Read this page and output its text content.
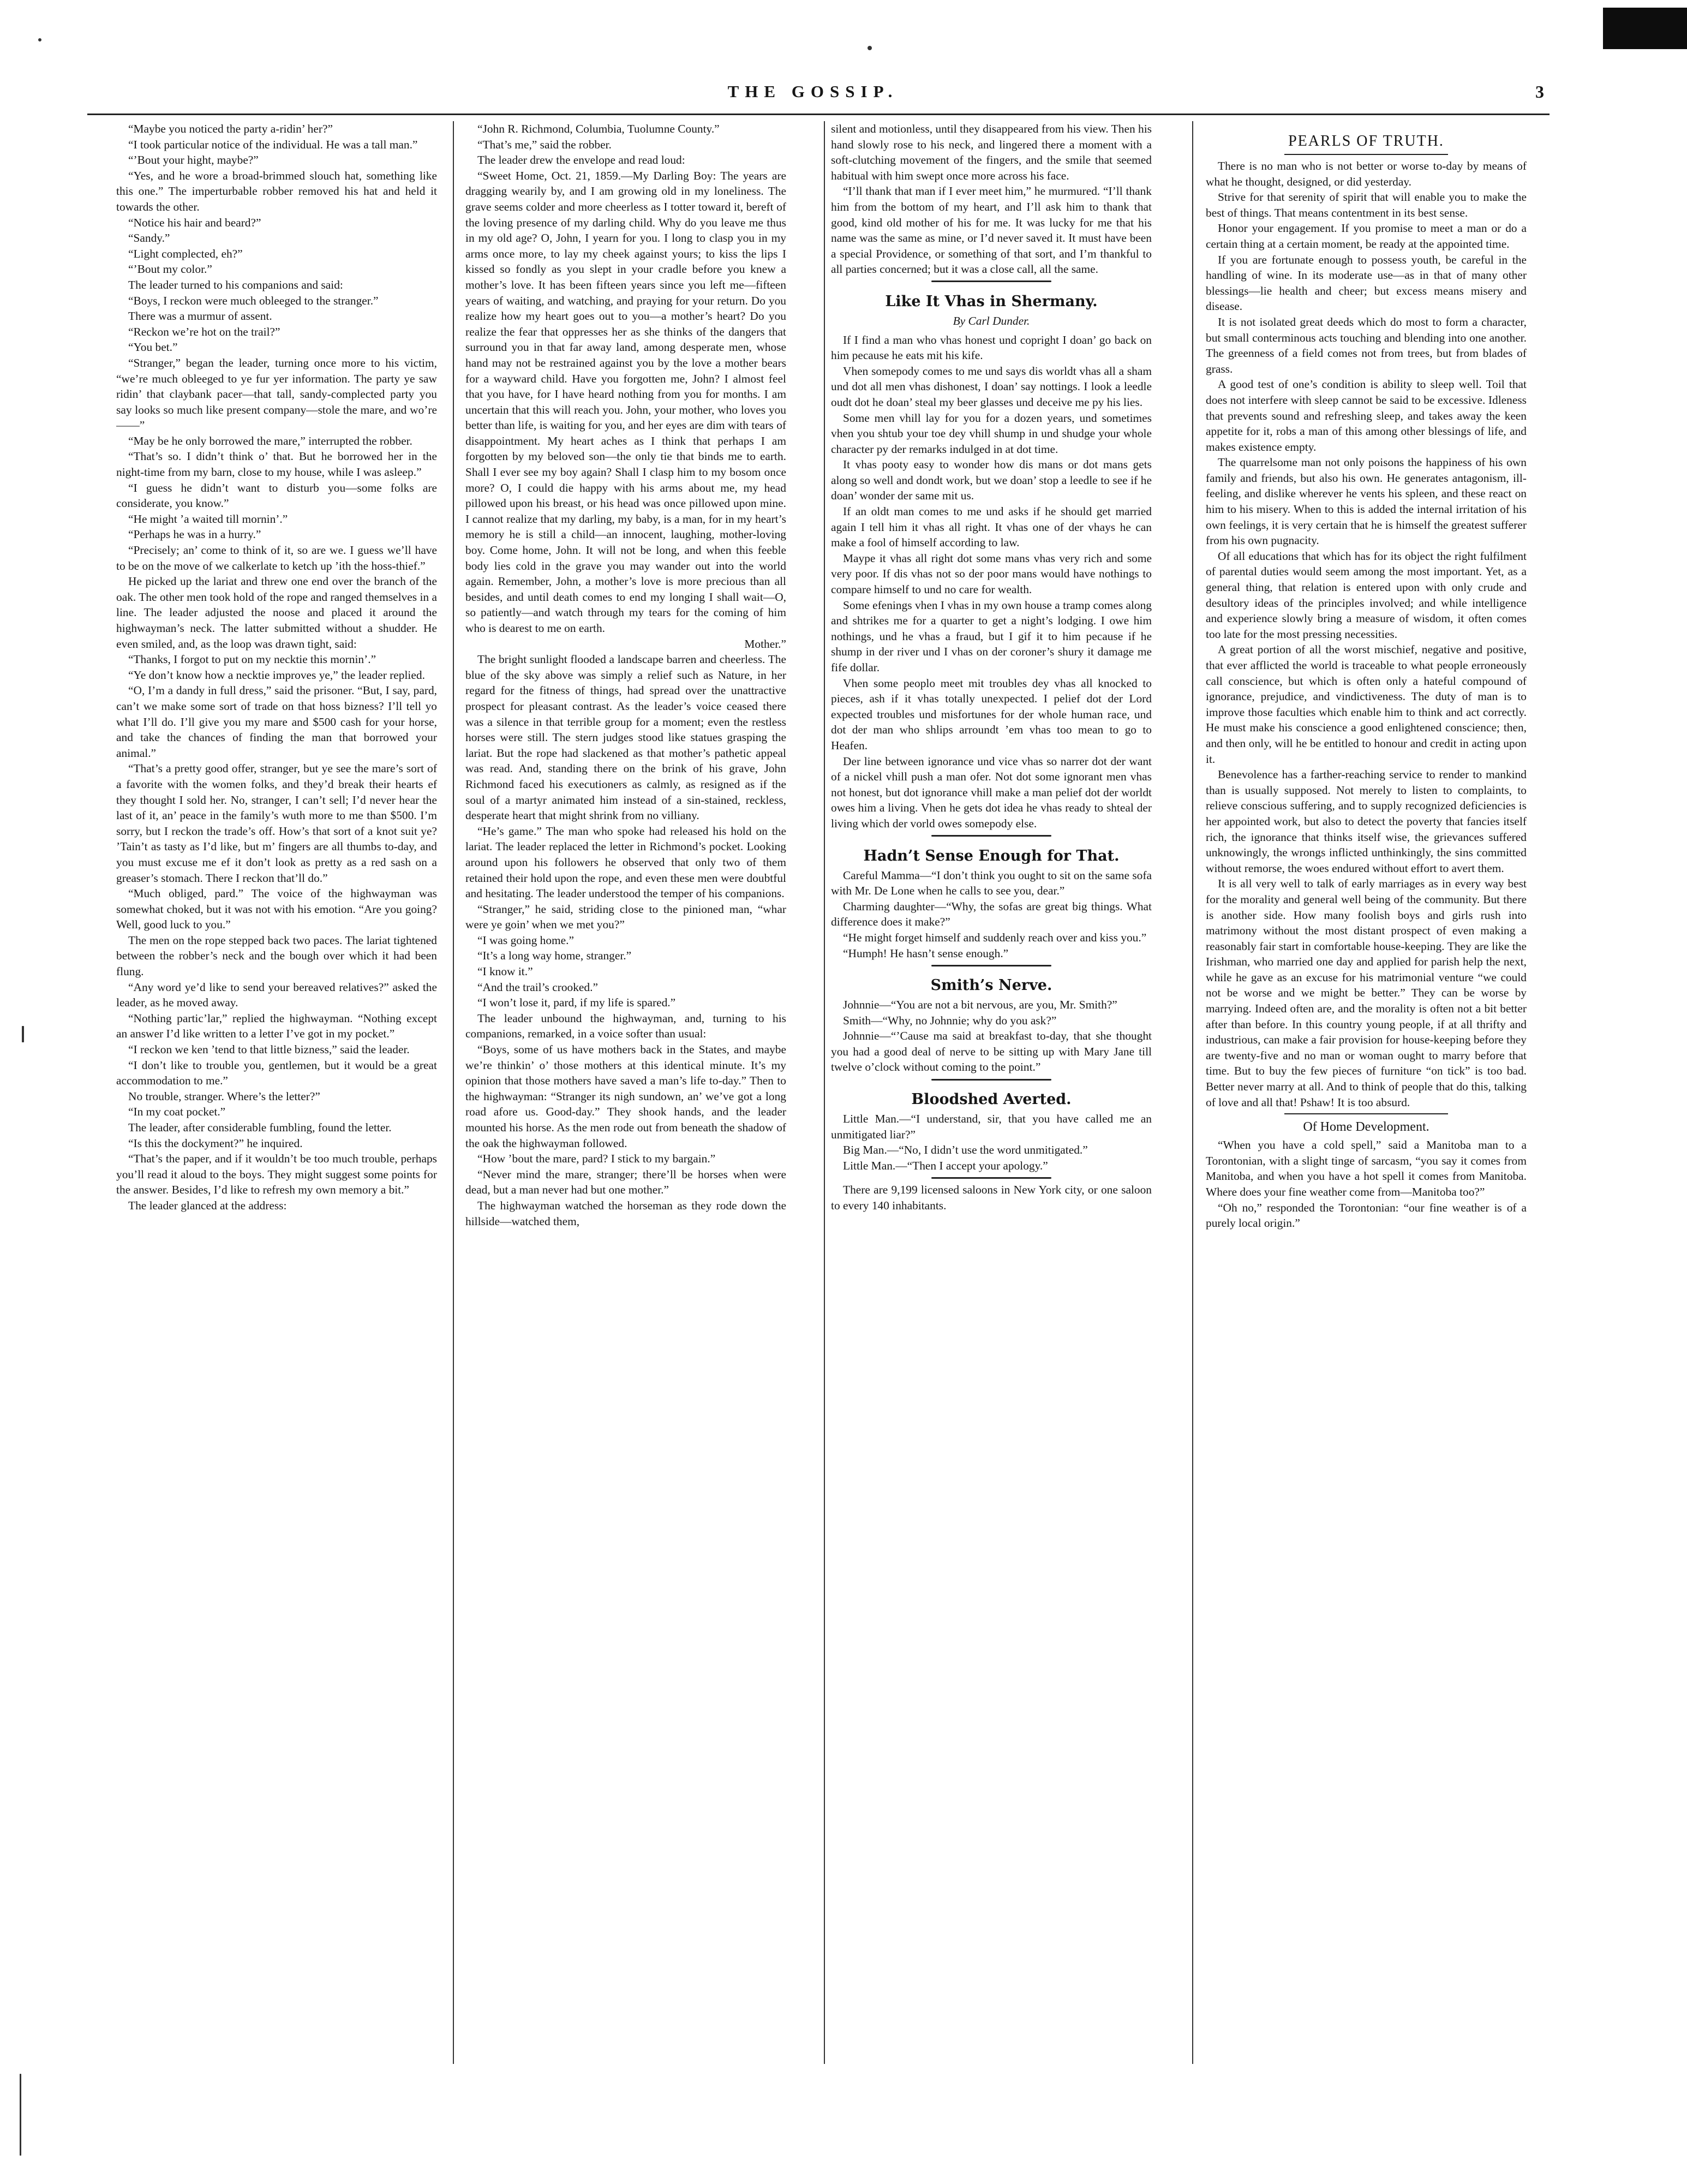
THE GOSSIP.	3

“Maybe you noticed the party a-ridin’ her?”

“I took particular notice of the individual. He was a tall man.”

“’Bout your hight, maybe?”

“Yes, and he wore a broad-brimmed slouch hat, something like this one.” The imperturbable robber removed his hat and held it towards the other.

“Notice his hair and beard?”

“Sandy.”

“Light complected, eh?”

“’Bout my color.”

The leader turned to his companions and said:

“Boys, I reckon were much obleeged to the stranger.”

There was a murmur of assent.

“Reckon we’re hot on the trail?”

“You bet.”

“Stranger,” began the leader, turning once more to his victim, “we’re much obleeged to ye fur yer information. The party ye saw ridin’ that claybank pacer—that tall, sandy-complected party you say looks so much like present company—stole the mare, and wo’re——”

“May be he only borrowed the mare,” interrupted the robber.

“That’s so. I didn’t think o’ that. But he borrowed her in the night-time from my barn, close to my house, while I was asleep.”

“I guess he didn’t want to disturb you—some folks are considerate, you know.”

“He might ’a waited till mornin’.”

“Perhaps he was in a hurry.”

“Precisely; an’ come to think of it, so are we. I guess we’ll have to be on the move of we calkerlate to ketch up ’ith the hoss-thief.”

He picked up the lariat and threw one end over the branch of the oak. The other men took hold of the rope and ranged themselves in a line. The leader adjusted the noose and placed it around the highwayman’s neck. The latter submitted without a shudder. He even smiled, and, as the loop was drawn tight, said:

“Thanks, I forgot to put on my necktie this mornin’.”

“Ye don’t know how a necktie improves ye,” the leader replied.

“O, I’m a dandy in full dress,” said the prisoner. “But, I say, pard, can’t we make some sort of trade on that hoss bizness? I’ll tell yo what I’ll do. I’ll give you my mare and $500 cash for your horse, and take the chances of finding the man that borrowed your animal.”

“That’s a pretty good offer, stranger, but ye see the mare’s sort of a favorite with the women folks, and they’d break their hearts ef they thought I sold her. No, stranger, I can’t sell; I’d never hear the last of it, an’ peace in the family’s wuth more to me than $500. I’m sorry, but I reckon the trade’s off. How’s that sort of a knot suit ye? ’Tain’t as tasty as I’d like, but m’ fingers are all thumbs to-day, and you must excuse me ef it don’t look as pretty as a red sash on a greaser’s stomach. There I reckon that’ll do.”

“Much obliged, pard.” The voice of the highwayman was somewhat choked, but it was not with his emotion. “Are you going? Well, good luck to you.”

The men on the rope stepped back two paces. The lariat tightened between the robber’s neck and the bough over which it had been flung.

“Any word ye’d like to send your bereaved relatives?” asked the leader, as he moved away.

“Nothing partic’lar,” replied the highwayman. “Nothing except an answer I’d like written to a letter I’ve got in my pocket.”

“I reckon we ken ’tend to that little bizness,” said the leader.

“I don’t like to trouble you, gentlemen, but it would be a great accommodation to me.”

No trouble, stranger. Where’s the letter?”

“In my coat pocket.”

The leader, after considerable fumbling, found the letter.

“Is this the dockyment?” he inquired.

“That’s the paper, and if it wouldn’t be too much trouble, perhaps you’ll read it aloud to the boys. They might suggest some points for the answer. Besides, I’d like to refresh my own memory a bit.”

The leader glanced at the address:

“John R. Richmond, Columbia, Tuolumne County.”

“That’s me,” said the robber.

The leader drew the envelope and read loud:

“Sweet Home, Oct. 21, 1859.—My Darling Boy: The years are dragging wearily by, and I am growing old in my loneliness. The grave seems colder and more cheerless as I totter toward it, bereft of the loving presence of my darling child. Why do you leave me thus in my old age? O, John, I yearn for you. I long to clasp you in my arms once more, to lay my cheek against yours; to kiss the lips I kissed so fondly as you slept in your cradle before you knew a mother’s love. It has been fifteen years since you left me—fifteen years of waiting, and watching, and praying for your return. Do you realize how my heart goes out to you—a mother’s heart? Do you realize the fear that oppresses her as she thinks of the dangers that surround you in that far away land, among desperate men, whose hand may not be restrained against you by the love a mother bears for a wayward child. Have you forgotten me, John? I almost feel that you have, for I have heard nothing from you for months. I am uncertain that this will reach you. John, your mother, who loves you better than life, is waiting for you, and her eyes are dim with tears of disappointment. My heart aches as I think that perhaps I am forgotten by my beloved son—the only tie that binds me to earth. Shall I ever see my boy again? Shall I clasp him to my bosom once more? O, I could die happy with his arms about me, my head pillowed upon his breast, or his head was once pillowed upon mine. I cannot realize that my darling, my baby, is a man, for in my heart’s memory he is still a child—an innocent, laughing, mother-loving boy. Come home, John. It will not be long, and when this feeble body lies cold in the grave you may wander out into the world again. Remember, John, a mother’s love is more precious than all besides, and until death comes to end my longing I shall wait—O, so patiently—and watch through my tears for the coming of him who is dearest to me on earth.

Mother.”

The bright sunlight flooded a landscape barren and cheerless. The blue of the sky above was simply a relief such as Nature, in her regard for the fitness of things, had spread over the unattractive prospect for pleasant contrast. As the leader’s voice ceased there was a silence in that terrible group for a moment; even the restless horses were still. The stern judges stood like statues grasping the lariat. But the rope had slackened as that mother’s pathetic appeal was read. And, standing there on the brink of his grave, John Richmond faced his executioners as calmly, as resigned as if the soul of a martyr animated him instead of a sin-stained, reckless, desperate heart that might shrink from no villiany.

“He’s game.” The man who spoke had released his hold on the lariat. The leader replaced the letter in Richmond’s pocket. Looking around upon his followers he observed that only two of them retained their hold upon the rope, and even these men were doubtful and hesitating. The leader understood the temper of his companions.

“Stranger,” he said, striding close to the pinioned man, “whar were ye goin’ when we met you?”

“I was going home.”

“It’s a long way home, stranger.”

“I know it.”

“And the trail’s crooked.”

“I won’t lose it, pard, if my life is spared.”

The leader unbound the highwayman, and, turning to his companions, remarked, in a voice softer than usual:

“Boys, some of us have mothers back in the States, and maybe we’re thinkin’ o’ those mothers at this identical minute. It’s my opinion that those mothers have saved a man’s life to-day.” Then to the highwayman: “Stranger its nigh sundown, an’ we’ve got a long road afore us. Good-day.” They shook hands, and the leader mounted his horse. As the men rode out from beneath the shadow of the oak the highwayman followed.

“How ’bout the mare, pard? I stick to my bargain.”

“Never mind the mare, stranger; there’ll be horses when were dead, but a man never had but one mother.”

The highwayman watched the horseman as they rode down the hillside—watched them,

silent and motionless, until they disappeared from his view. Then his hand slowly rose to his neck, and lingered there a moment with a soft-clutching movement of the fingers, and the smile that seemed habitual with him swept once more across his face.

“I’ll thank that man if I ever meet him,” he murmured. “I’ll thank him from the bottom of my heart, and I’ll ask him to thank that good, kind old mother of his for me. It was lucky for me that his name was the same as mine, or I’d never saved it. It must have been a special Providence, or something of that sort, and I’m thankful to all parties concerned; but it was a close call, all the same.

Like It Vhas in Shermany.
By Carl Dunder.

If I find a man who vhas honest und copright I doan’ go back on him pecause he eats mit his kife.

Vhen somepody comes to me und says dis worldt vhas all a sham und dot all men vhas dishonest, I doan’ say nottings. I look a leedle oudt dot he doan’ steal my beer glasses und deceive me py his lies.

Some men vhill lay for you for a dozen years, und sometimes vhen you shtub your toe dey vhill shump in und shudge your whole character py der remarks indulged in at dot time.

It vhas pooty easy to wonder how dis mans or dot mans gets along so well and dondt work, but we doan’ stop a leedle to see if he doan’ wonder der same mit us.

If an oldt man comes to me und asks if he should get married again I tell him it vhas all right. It vhas one of der vhays he can make a fool of himself according to law.

Maype it vhas all right dot some mans vhas very rich and some very poor. If dis vhas not so der poor mans would have nothings to compare himself to und no care for wealth.

Some efenings vhen I vhas in my own house a tramp comes along and shtrikes me for a quarter to get a night’s lodging. I owe him nothings, und he vhas a fraud, but I gif it to him pecause if he shump in der river und I vhas on der coroner’s shury it damage me fife dollar.

Vhen some peoplo meet mit troubles dey vhas all knocked to pieces, ash if it vhas totally unexpected. I pelief dot der Lord expected troubles und misfortunes for der whole human race, und dot der man who shlips arroundt ’em vhas too mean to go to Heafen.

Der line between ignorance und vice vhas so narrer dot der want of a nickel vhill push a man ofer. Not dot some ignorant men vhas not honest, but dot ignorance vhill make a man pelief dot der worldt owes him a living. Vhen he gets dot idea he vhas ready to shteal der living which der vorld owes somepody else.

Hadn’t Sense Enough for That.

Careful Mamma—“I don’t think you ought to sit on the same sofa with Mr. De Lone when he calls to see you, dear.”

Charming daughter—“Why, the sofas are great big things. What difference does it make?”

“He might forget himself and suddenly reach over and kiss you.”

“Humph! He hasn’t sense enough.”

Smith’s Nerve.

Johnnie—“You are not a bit nervous, are you, Mr. Smith?”

Smith—“Why, no Johnnie; why do you ask?”

Johnnie—“’Cause ma said at breakfast to-day, that she thought you had a good deal of nerve to be sitting up with Mary Jane till twelve o’clock without coming to the point.”

Bloodshed Averted.

Little Man.—“I understand, sir, that you have called me an unmitigated liar?”

Big Man.—“No, I didn’t use the word unmitigated.”

Little Man.—“Then I accept your apology.”

There are 9,199 licensed saloons in New York city, or one saloon to every 140 inhabitants.

PEARLS OF TRUTH.

There is no man who is not better or worse to-day by means of what he thought, designed, or did yesterday.

Strive for that serenity of spirit that will enable you to make the best of things. That means contentment in its best sense.

Honor your engagement. If you promise to meet a man or do a certain thing at a certain moment, be ready at the appointed time.

If you are fortunate enough to possess youth, be careful in the handling of wine. In its moderate use—as in that of many other blessings—lie health and cheer; but excess means misery and disease.

It is not isolated great deeds which do most to form a character, but small conterminous acts touching and blending into one another. The greenness of a field comes not from trees, but from blades of grass.

A good test of one’s condition is ability to sleep well. Toil that does not interfere with sleep cannot be said to be excessive. Idleness that prevents sound and refreshing sleep, and takes away the keen appetite for it, robs a man of this among other blessings of life, and makes existence empty.

The quarrelsome man not only poisons the happiness of his own family and friends, but also his own. He generates antagonism, ill-feeling, and dislike wherever he vents his spleen, and these react on him to his misery. When to this is added the internal irritation of his own feelings, it is very certain that he is himself the greatest sufferer from his own pugnacity.

Of all educations that which has for its object the right fulfilment of parental duties would seem among the most important. Yet, as a general thing, that relation is entered upon with only crude and desultory ideas of the principles involved; and while intelligence and experience slowly bring a measure of wisdom, it often comes too late for the most pressing necessities.

A great portion of all the worst mischief, negative and positive, that ever afflicted the world is traceable to what people erroneously call conscience, but which is often only a hateful compound of ignorance, prejudice, and vindictiveness. The duty of man is to improve those faculties which enable him to think and act correctly. He must make his conscience a good enlightened conscience; then, and then only, will he be entitled to honour and credit in acting upon it.

Benevolence has a farther-reaching service to render to mankind than is usually supposed. Not merely to listen to complaints, to relieve conscious suffering, and to supply recognized deficiencies is her appointed work, but also to detect the poverty that fancies itself rich, the ignorance that thinks itself wise, the grievances suffered unknowingly, the wrongs inflicted unthinkingly, the sins committed without remorse, the woes endured without effort to avert them.

It is all very well to talk of early marriages as in every way best for the morality and general well being of the community. But there is another side. How many foolish boys and girls rush into matrimony without the most distant prospect of even making a reasonably fair start in comfortable house-keeping. They are like the Irishman, who married one day and applied for parish help the next, while he gave as an excuse for his matrimonial venture “we could not be worse and we might be better.” They can be worse by marrying. Indeed often are, and the morality is often not a bit better after than before. In this country young people, if at all thrifty and industrious, can make a fair provision for house-keeping before they are twenty-five and no man or woman ought to marry before that time. But to buy the few pieces of furniture “on tick” is too bad. Better never marry at all. And to think of people that do this, talking of love and all that! Pshaw! It is too absurd.

Of Home Development.

“When you have a cold spell,” said a Manitoba man to a Torontonian, with a slight tinge of sarcasm, “you say it comes from Manitoba, and when you have a hot spell it comes from Manitoba. Where does your fine weather come from—Manitoba too?”

“Oh no,” responded the Torontonian: “our fine weather is of a purely local origin.”
